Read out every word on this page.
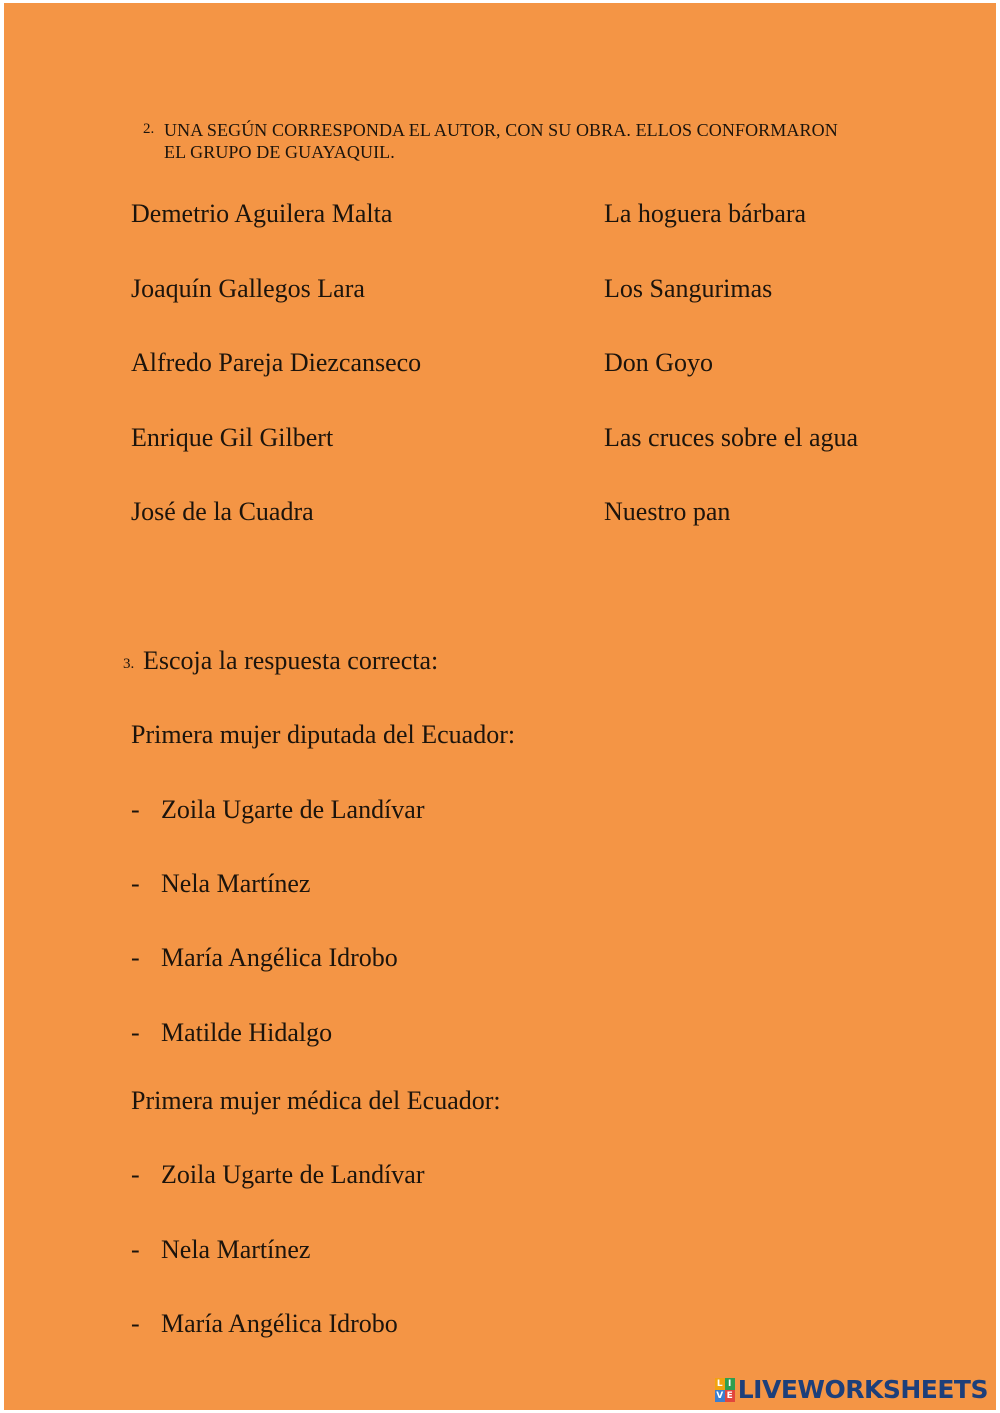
2. UNA SEGÚN CORRESPONDA EL AUTOR, CON SU OBRA. ELLOS CONFORMARON
EL GRUPO DE GUAYAQUIL.
Demetrio Aguilera Malta
Joaquín Gallegos Lara
Alfredo Pareja Diezcanseco
Enrique Gil Gilbert
José de la Cuadra
La hoguera bárbara
Los Sangurimas
Don Goyo
Las cruces sobre el agua
Nuestro pan
3. Escoja la respuesta correcta:
Primera mujer diputada del Ecuador:
- Zoila Ugarte de Landívar
- Nela Martínez
- María Angélica Idrobo
- Matilde Hidalgo
Primera mujer médica del Ecuador:
- Zoila Ugarte de Landívar
- Nela Martínez
- María Angélica Idrobo
L I
V E LIVEWORKSHEETS
